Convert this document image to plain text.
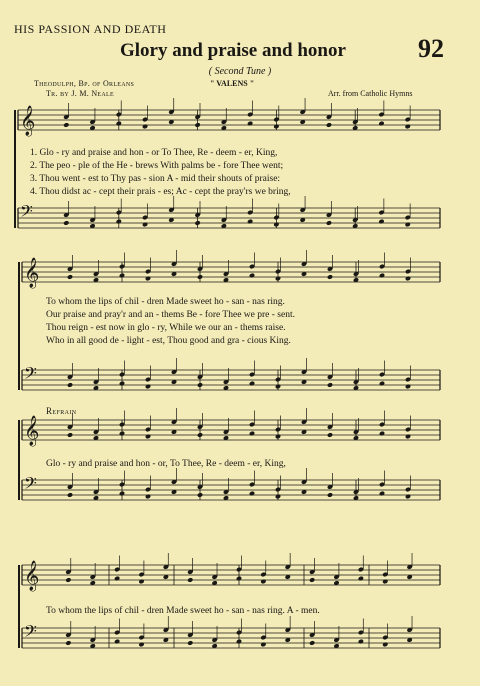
HIS PASSION AND DEATH
Glory and praise and honor	92
( Second Tune )
Theodulph, Bp. of Orleans	" VALENS "
Tr. by J. M. Neale	Arr. from Catholic Hymns
𝄞
𝄢
𝄞
𝄢
𝄞
𝄢
𝄞
𝄢
1. Glo - ry and praise and hon - or To Thee, Re - deem - er, King,
2. The peo - ple of the He - brews With palms be - fore Thee went;
3. Thou went - est to Thy pas - sion A - mid their shouts of praise:
4. Thou didst ac - cept their prais - es; Ac - cept the pray'rs we bring,
To whom the lips of chil - dren Made sweet ho - san - nas ring.
Our praise and pray'r and an - thems Be - fore Thee we pre - sent.
Thou reign - est now in glo - ry, While we our an - thems raise.
Who in all good de - light - est, Thou good and gra - cious King.
Refrain
Glo - ry and praise and hon - or, To Thee, Re - deem - er, King,
To whom the lips of chil - dren Made sweet ho - san - nas ring. A - men.
